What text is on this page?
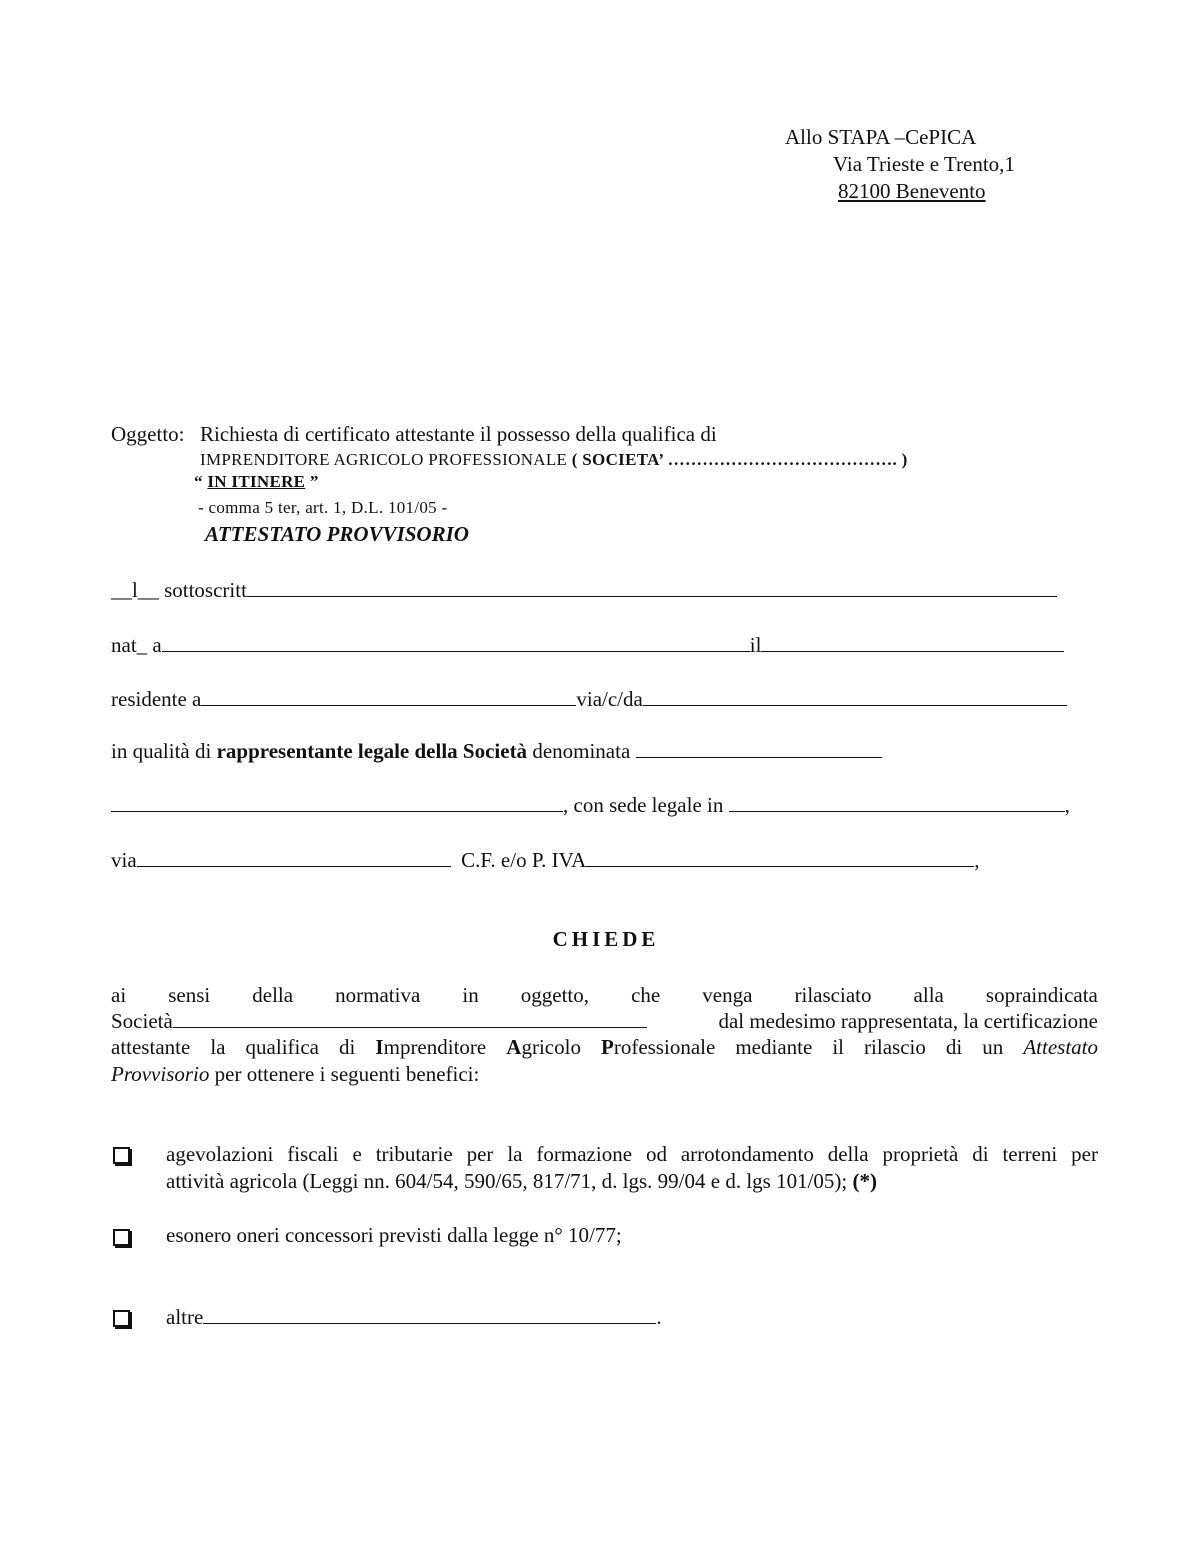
Allo STAPA –CePICA
Via Trieste e Trento,1
82100 Benevento
Oggetto: Richiesta di certificato attestante il possesso della qualifica di
IMPRENDITORE AGRICOLO PROFESSIONALE ( SOCIETA’ …………………………………. )
“ IN ITINERE ”
- comma 5 ter, art. 1, D.L. 101/05 -
ATTESTATO PROVVISORIO
__l__ sottoscritt
nat_ a	il
residente a	via/c/da
in qualità di rappresentante legale della Società denominata
, con sede legale in	,
via	C.F. e/o P. IVA	,
CHIEDE
ai sensi della normativa in oggetto, che venga rilasciato alla sopraindicata
Società	dal medesimo rappresentata, la certificazione
attestante la qualifica di Imprenditore Agricolo Professionale mediante il rilascio di un Attestato
Provvisorio per ottenere i seguenti benefici:
agevolazioni fiscali e tributarie per la formazione od arrotondamento della proprietà di terreni per
attività agricola (Leggi nn. 604/54, 590/65, 817/71, d. lgs. 99/04 e d. lgs 101/05); (*)
esonero oneri concessori previsti dalla legge n° 10/77;
altre	.
